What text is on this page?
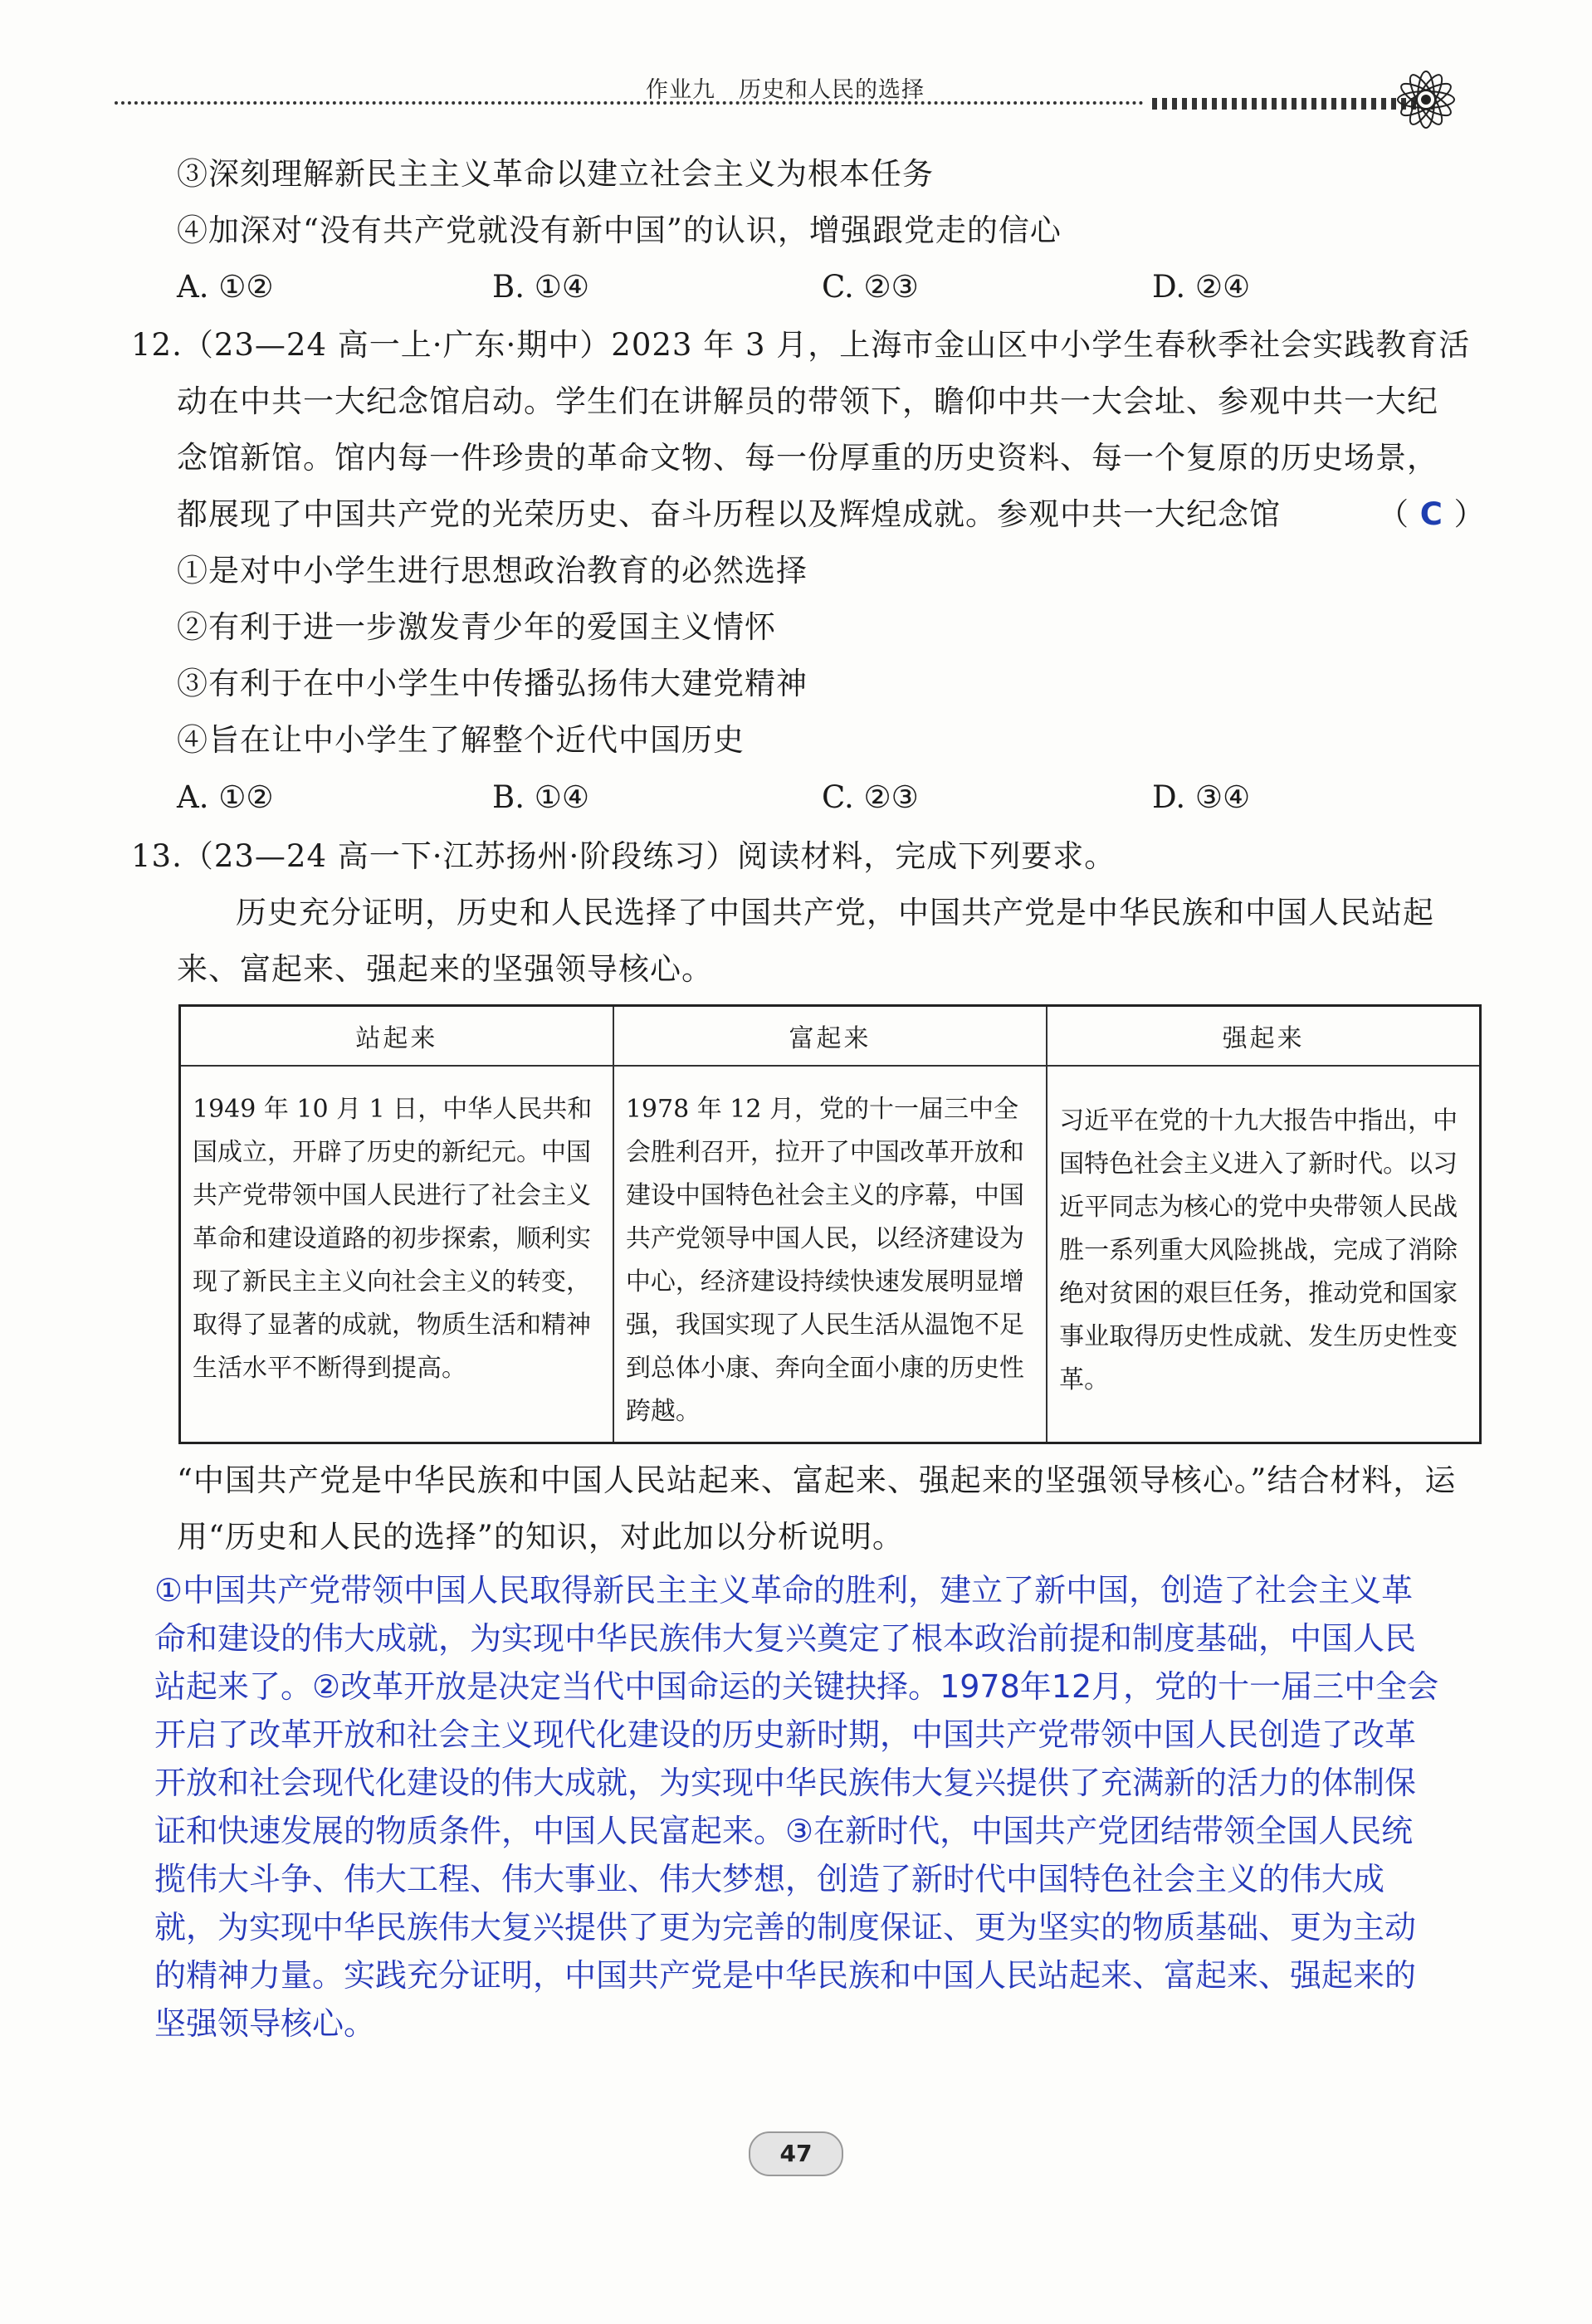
作业九　历史和人民的选择
③深刻理解新民主主义革命以建立社会主义为根本任务
④加深对“没有共产党就没有新中国”的认识，增强跟党走的信心
A. ①②	B. ①④	C. ②③	D. ②④
12.（23—24 高一上·广东·期中）2023 年 3 月，上海市金山区中小学生春秋季社会实践教育活
动在中共一大纪念馆启动。学生们在讲解员的带领下，瞻仰中共一大会址、参观中共一大纪
念馆新馆。馆内每一件珍贵的革命文物、每一份厚重的历史资料、每一个复原的历史场景，
都展现了中国共产党的光荣历史、奋斗历程以及辉煌成就。参观中共一大纪念馆	（ C ）
①是对中小学生进行思想政治教育的必然选择
②有利于进一步激发青少年的爱国主义情怀
③有利于在中小学生中传播弘扬伟大建党精神
④旨在让中小学生了解整个近代中国历史
A. ①②	B. ①④	C. ②③	D. ③④
13.（23—24 高一下·江苏扬州·阶段练习）阅读材料，完成下列要求。
历史充分证明，历史和人民选择了中国共产党，中国共产党是中华民族和中国人民站起
来、富起来、强起来的坚强领导核心。
站起来	富起来	强起来
1949 年 10 月 1 日，中华人民共和国成立，开辟了历史的新纪元。中国共产党带领中国人民进行了社会主义革命和建设道路的初步探索，顺利实现了新民主主义向社会主义的转变，取得了显著的成就，物质生活和精神生活水平不断得到提高。	1978 年 12 月，党的十一届三中全会胜利召开，拉开了中国改革开放和建设中国特色社会主义的序幕，中国共产党领导中国人民，以经济建设为中心，经济建设持续快速发展明显增强，我国实现了人民生活从温饱不足到总体小康、奔向全面小康的历史性跨越。	习近平在党的十九大报告中指出，中国特色社会主义进入了新时代。以习近平同志为核心的党中央带领人民战胜一系列重大风险挑战，完成了消除绝对贫困的艰巨任务，推动党和国家事业取得历史性成就、发生历史性变革。
“中国共产党是中华民族和中国人民站起来、富起来、强起来的坚强领导核心。”结合材料，运
用“历史和人民的选择”的知识，对此加以分析说明。
①中国共产党带领中国人民取得新民主主义革命的胜利，建立了新中国，创造了社会主义革
命和建设的伟大成就，为实现中华民族伟大复兴奠定了根本政治前提和制度基础，中国人民
站起来了。②改革开放是决定当代中国命运的关键抉择。1978年12月，党的十一届三中全会
开启了改革开放和社会主义现代化建设的历史新时期，中国共产党带领中国人民创造了改革
开放和社会现代化建设的伟大成就，为实现中华民族伟大复兴提供了充满新的活力的体制保
证和快速发展的物质条件，中国人民富起来。③在新时代，中国共产党团结带领全国人民统
揽伟大斗争、伟大工程、伟大事业、伟大梦想，创造了新时代中国特色社会主义的伟大成
就，为实现中华民族伟大复兴提供了更为完善的制度保证、更为坚实的物质基础、更为主动
的精神力量。实践充分证明，中国共产党是中华民族和中国人民站起来、富起来、强起来的
坚强领导核心。
47
